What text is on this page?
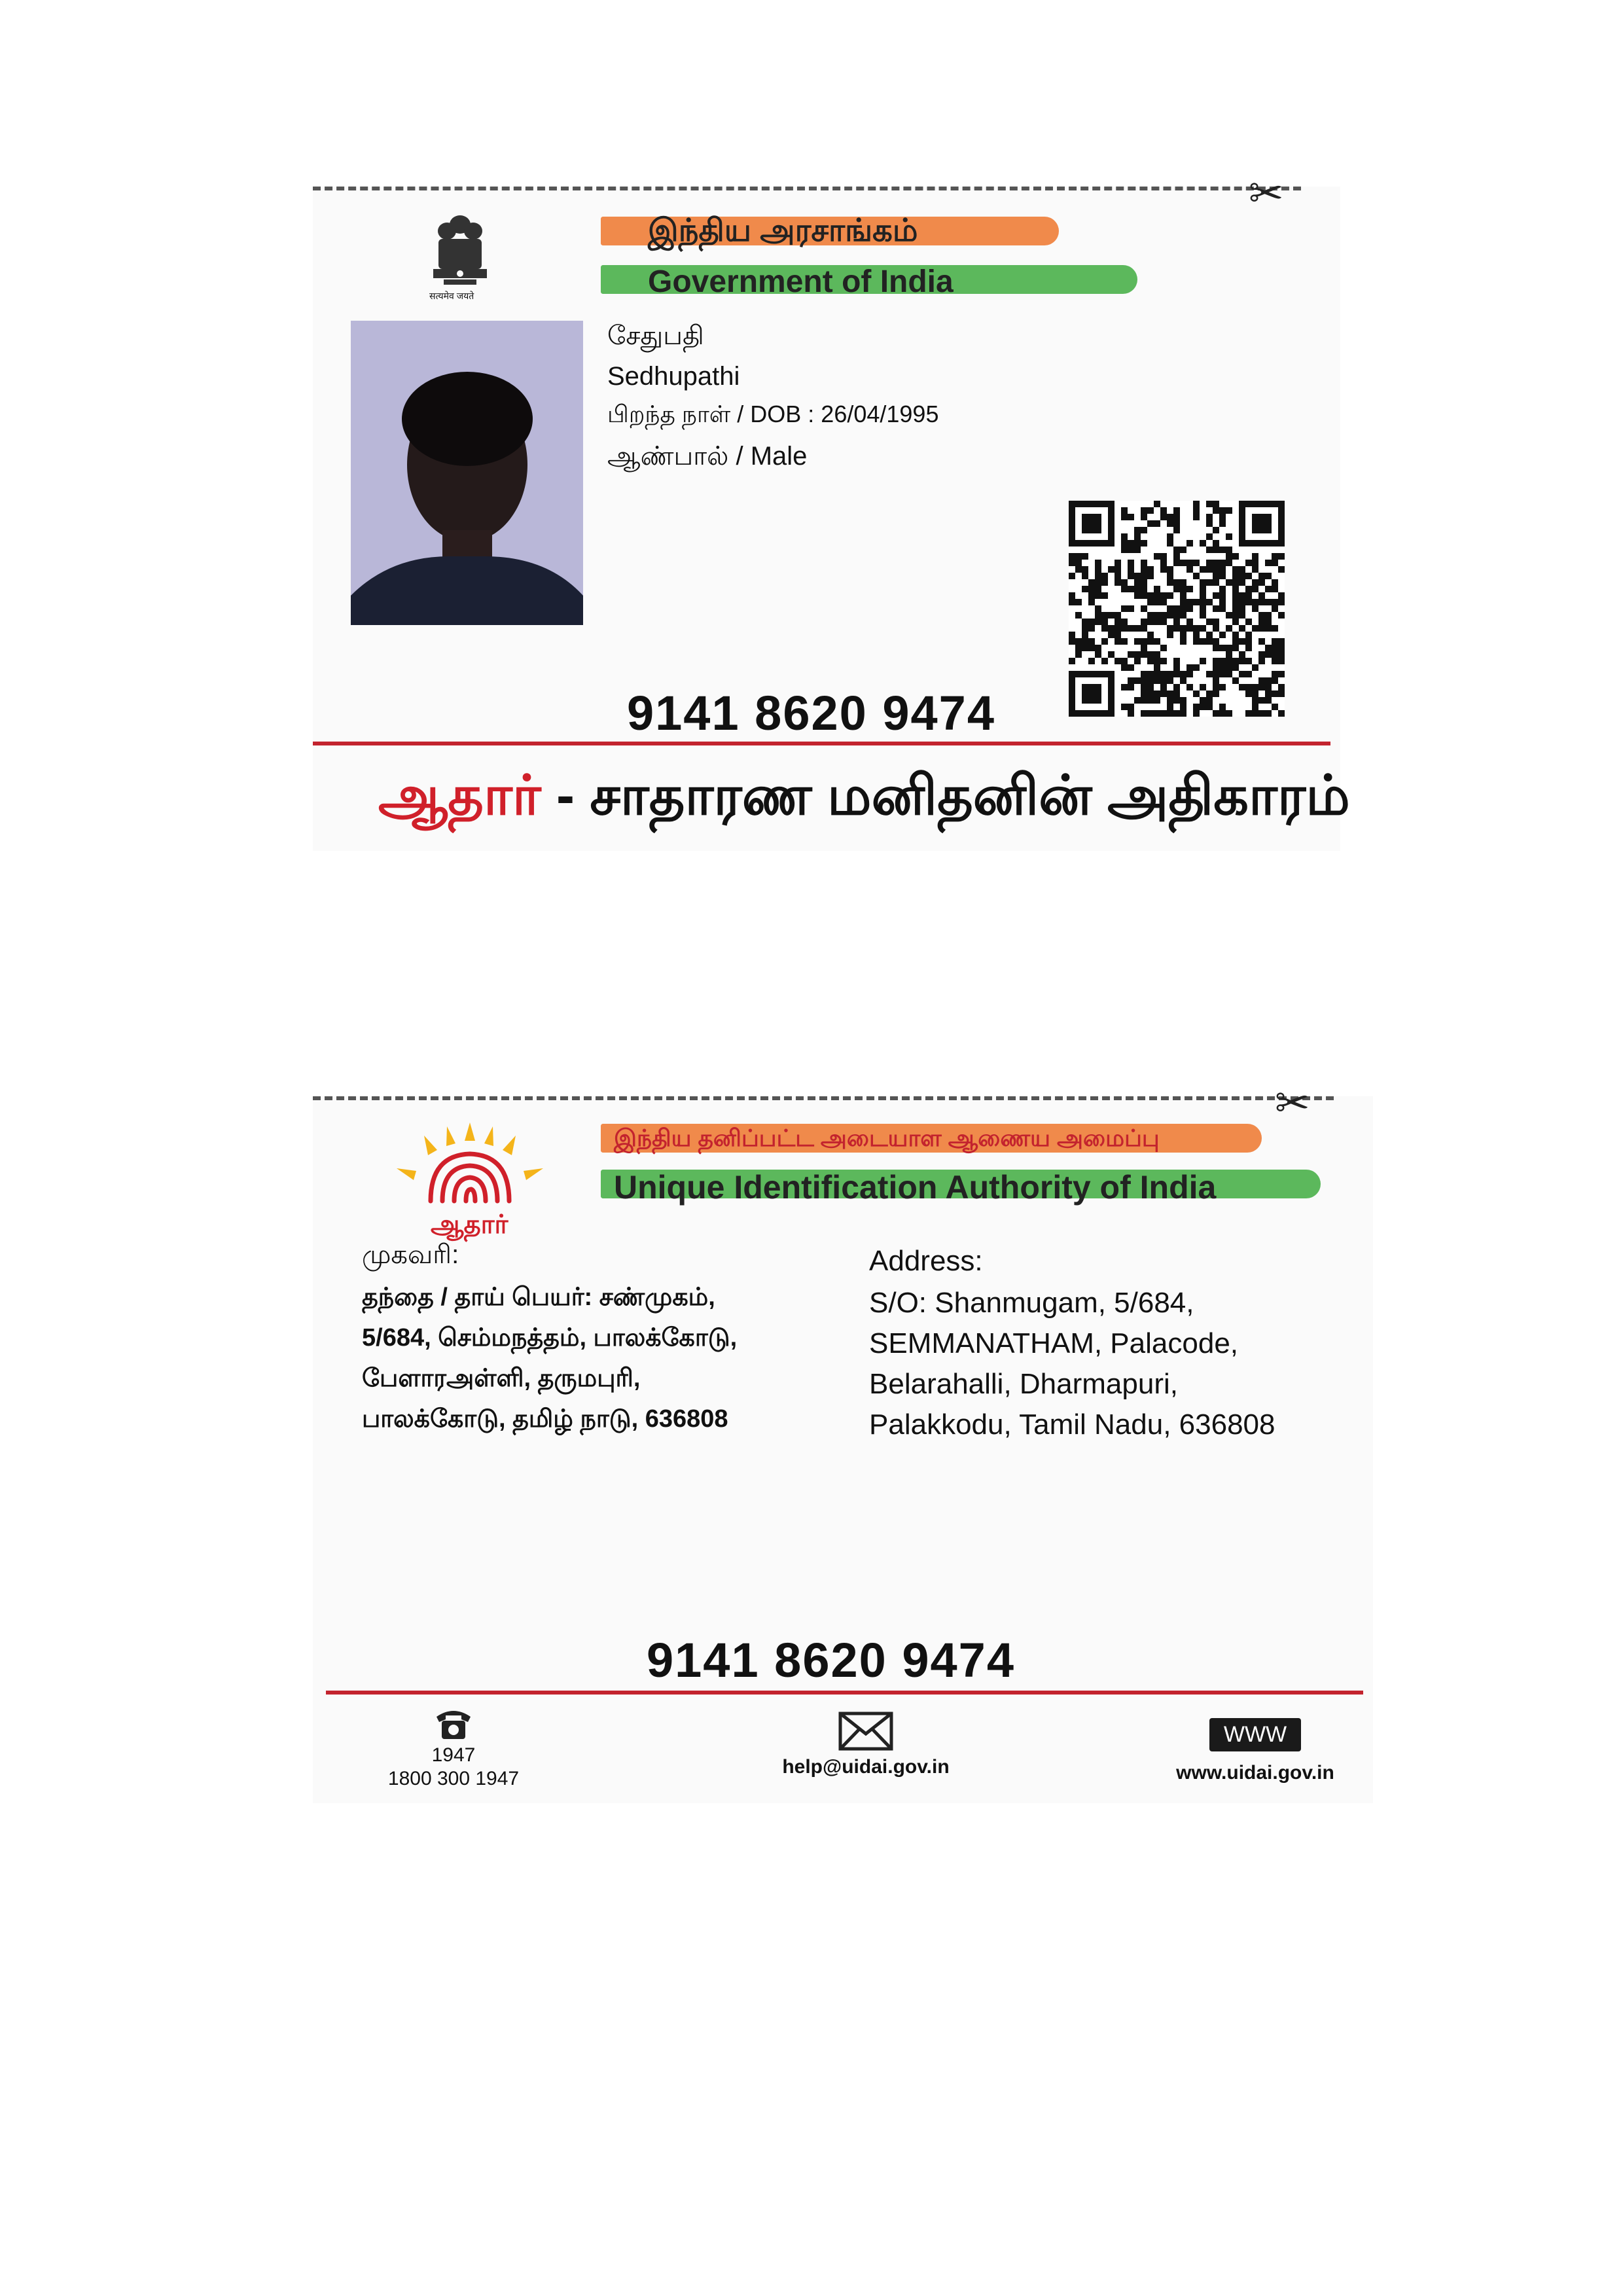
✂
सत्यमेव जयते
இந்திய அரசாங்கம்
Government of India
சேதுபதி
Sedhupathi
பிறந்த நாள் / DOB : 26/04/1995
ஆண்பால் / Male
9141 8620 9474
ஆதார் - சாதாரண மனிதனின் அதிகாரம்
✂
ஆதார்
இந்திய தனிப்பட்ட அடையாள ஆணைய அமைப்பு
Unique Identification Authority of India
முகவரி:
தந்தை / தாய் பெயர்: சண்முகம்,
5/684, செம்மநத்தம், பாலக்கோடு,
பேளாரஅள்ளி, தருமபுரி,
பாலக்கோடு, தமிழ் நாடு, 636808
Address:
S/O: Shanmugam, 5/684,
SEMMANATHAM, Palacode,
Belarahalli, Dharmapuri,
Palakkodu, Tamil Nadu, 636808
9141 8620 9474
1947
1800 300 1947
help@uidai.gov.in
WWW
www.uidai.gov.in
